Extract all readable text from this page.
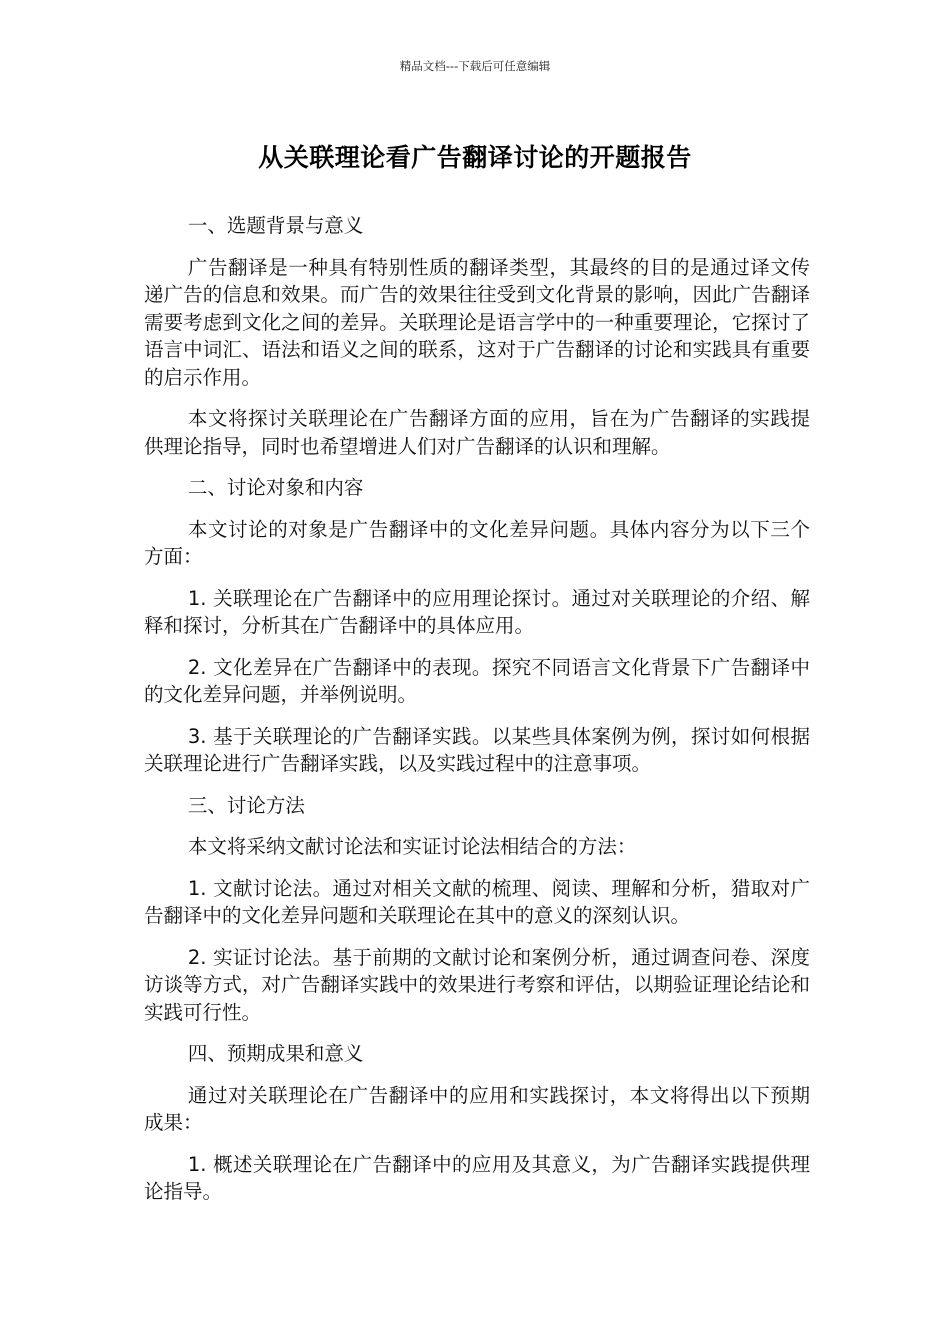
精品文档---下载后可任意编辑
从关联理论看广告翻译讨论的开题报告

一、选题背景与意义

广告翻译是一种具有特别性质的翻译类型，其最终的目的是通过译文传递广告的信息和效果。而广告的效果往往受到文化背景的影响，因此广告翻译需要考虑到文化之间的差异。关联理论是语言学中的一种重要理论，它探讨了语言中词汇、语法和语义之间的联系，这对于广告翻译的讨论和实践具有重要的启示作用。

本文将探讨关联理论在广告翻译方面的应用，旨在为广告翻译的实践提供理论指导，同时也希望增进人们对广告翻译的认识和理解。

二、讨论对象和内容

本文讨论的对象是广告翻译中的文化差异问题。具体内容分为以下三个方面：

1. 关联理论在广告翻译中的应用理论探讨。通过对关联理论的介绍、解释和探讨，分析其在广告翻译中的具体应用。

2. 文化差异在广告翻译中的表现。探究不同语言文化背景下广告翻译中的文化差异问题，并举例说明。

3. 基于关联理论的广告翻译实践。以某些具体案例为例，探讨如何根据关联理论进行广告翻译实践，以及实践过程中的注意事项。

三、讨论方法

本文将采纳文献讨论法和实证讨论法相结合的方法：

1. 文献讨论法。通过对相关文献的梳理、阅读、理解和分析，猎取对广告翻译中的文化差异问题和关联理论在其中的意义的深刻认识。

2. 实证讨论法。基于前期的文献讨论和案例分析，通过调查问卷、深度访谈等方式，对广告翻译实践中的效果进行考察和评估，以期验证理论结论和实践可行性。

四、预期成果和意义

通过对关联理论在广告翻译中的应用和实践探讨，本文将得出以下预期成果：

1. 概述关联理论在广告翻译中的应用及其意义，为广告翻译实践提供理论指导。
